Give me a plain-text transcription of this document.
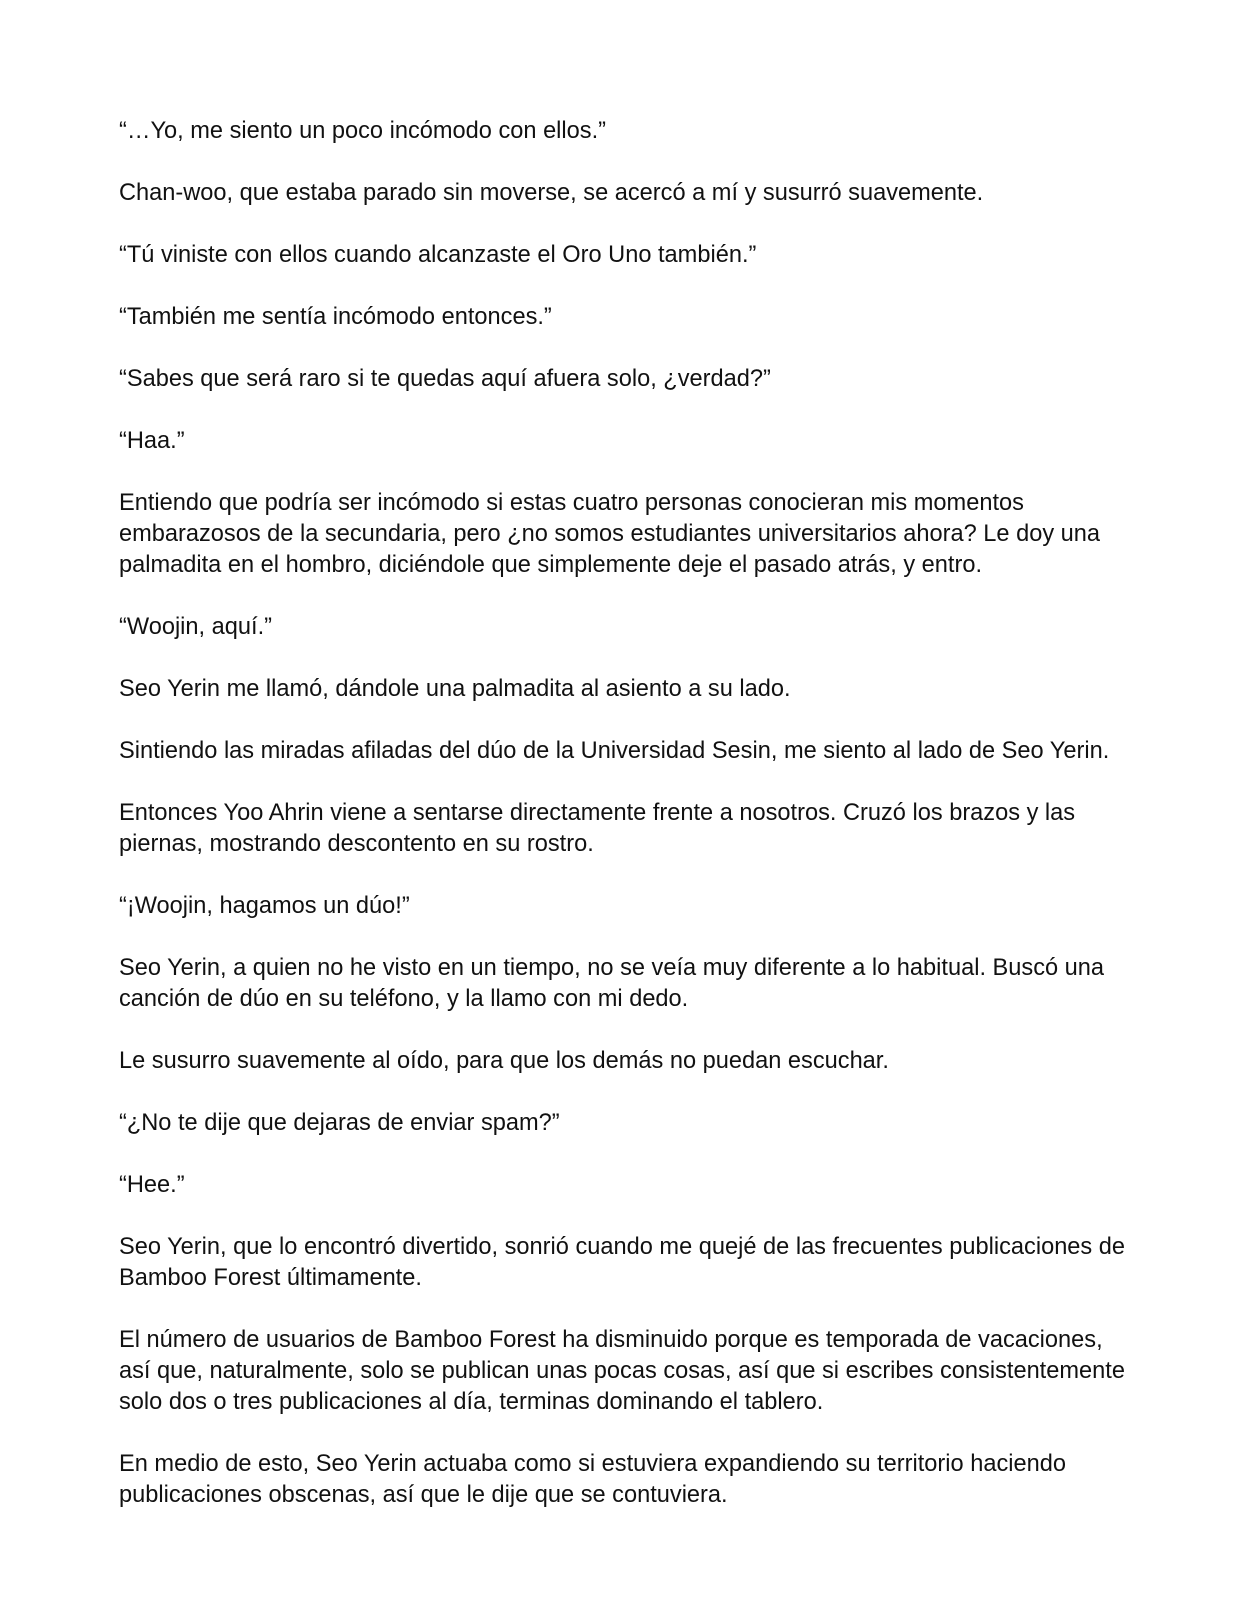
“…Yo, me siento un poco incómodo con ellos.”

Chan-woo, que estaba parado sin moverse, se acercó a mí y susurró suavemente.

“Tú viniste con ellos cuando alcanzaste el Oro Uno también.”

“También me sentía incómodo entonces.”

“Sabes que será raro si te quedas aquí afuera solo, ¿verdad?”

“Haa.”

Entiendo que podría ser incómodo si estas cuatro personas conocieran mis momentos embarazosos de la secundaria, pero ¿no somos estudiantes universitarios ahora? Le doy una palmadita en el hombro, diciéndole que simplemente deje el pasado atrás, y entro.

“Woojin, aquí.”

Seo Yerin me llamó, dándole una palmadita al asiento a su lado.

Sintiendo las miradas afiladas del dúo de la Universidad Sesin, me siento al lado de Seo Yerin.

Entonces Yoo Ahrin viene a sentarse directamente frente a nosotros. Cruzó los brazos y las piernas, mostrando descontento en su rostro.

“¡Woojin, hagamos un dúo!”

Seo Yerin, a quien no he visto en un tiempo, no se veía muy diferente a lo habitual. Buscó una canción de dúo en su teléfono, y la llamo con mi dedo.

Le susurro suavemente al oído, para que los demás no puedan escuchar.

“¿No te dije que dejaras de enviar spam?”

“Hee.”

Seo Yerin, que lo encontró divertido, sonrió cuando me quejé de las frecuentes publicaciones de Bamboo Forest últimamente.

El número de usuarios de Bamboo Forest ha disminuido porque es temporada de vacaciones, así que, naturalmente, solo se publican unas pocas cosas, así que si escribes consistentemente solo dos o tres publicaciones al día, terminas dominando el tablero.

En medio de esto, Seo Yerin actuaba como si estuviera expandiendo su territorio haciendo publicaciones obscenas, así que le dije que se contuviera.
